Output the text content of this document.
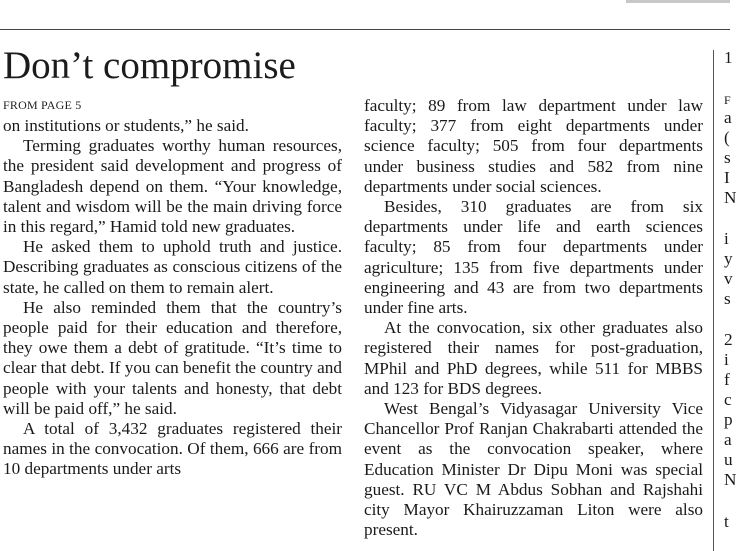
Don’t compromise
FROM PAGE 5

on institutions or students,” he said.

Terming graduates worthy human resources, the president said development and progress of Bangladesh depend on them. “Your knowledge, talent and wisdom will be the main driving force in this regard,” Hamid told new graduates.

He asked them to uphold truth and justice. Describing graduates as conscious citizens of the state, he called on them to remain alert.

He also reminded them that the country’s people paid for their education and therefore, they owe them a debt of gratitude. “It’s time to clear that debt. If you can benefit the country and people with your talents and honesty, that debt will be paid off,” he said.

A total of 3,432 graduates registered their names in the convocation. Of them, 666 are from 10 departments under arts

faculty; 89 from law department under law faculty; 377 from eight departments under science faculty; 505 from four departments under business studies and 582 from nine departments under social sciences.

Besides, 310 graduates are from six departments under life and earth sciences faculty; 85 from four departments under agriculture; 135 from five departments under engineering and 43 are from two departments under fine arts.

At the convocation, six other graduates also registered their names for post-graduation, MPhil and PhD degrees, while 511 for MBBS and 123 for BDS degrees.

West Bengal’s Vidyasagar University Vice Chancellor Prof Ranjan Chakrabarti attended the event as the convocation speaker, where Education Minister Dr Dipu Moni was special guest. RU VC M Abdus Sobhan and Rajshahi city Mayor Khairuzzaman Liton were also present.

1
F
a
(
s
I
N
i
y
v
s
2
i
f
c
p
a
u
N
t
